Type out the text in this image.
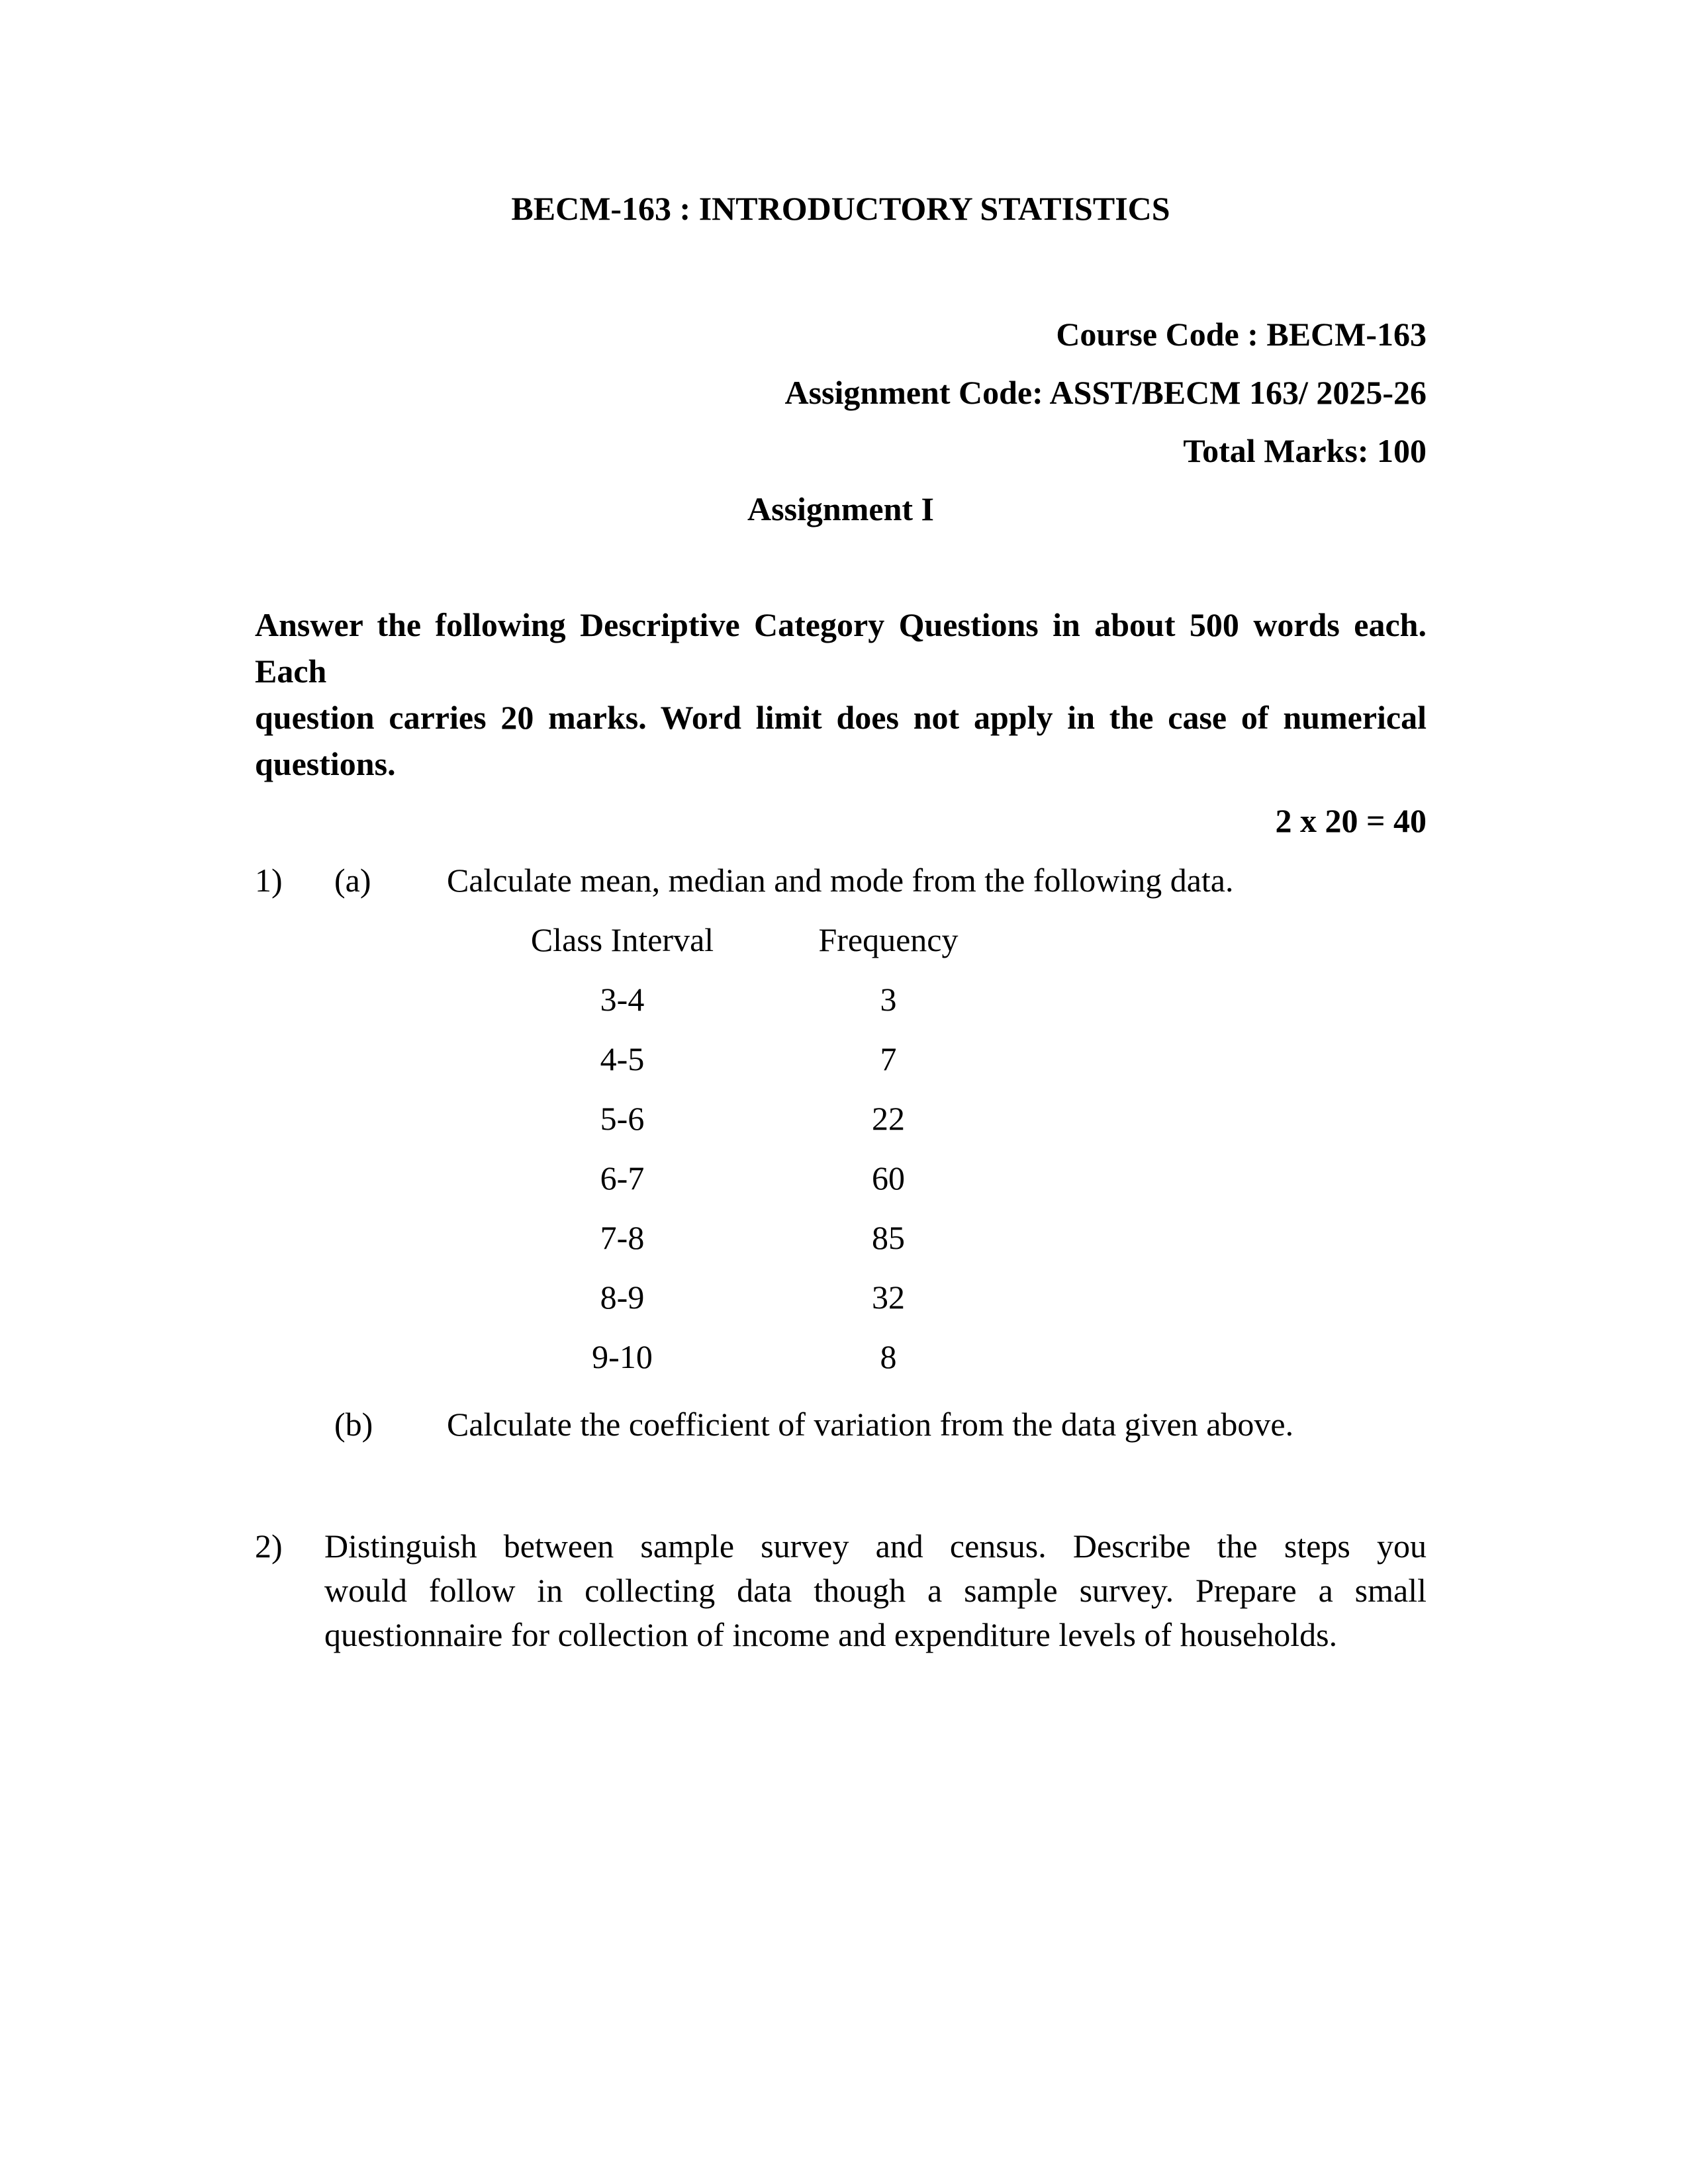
BECM-163 : INTRODUCTORY STATISTICS
Course Code : BECM-163
Assignment Code: ASST/BECM 163/ 2025-26
Total Marks: 100
Assignment I
Answer the following Descriptive Category Questions in about 500 words each. Each
question carries 20 marks. Word limit does not apply in the case of numerical questions.
2 x 20 = 40
1)	(a)	Calculate mean, median and mode from the following data.
Class Interval	Frequency
3-4	3
4-5	7
5-6	22
6-7	60
7-8	85
8-9	32
9-10	8
(b)	Calculate the coefficient of variation from the data given above.
2) Distinguish between sample survey and census. Describe the steps you
would follow in collecting data though a sample survey. Prepare a small
questionnaire for collection of income and expenditure levels of households.
